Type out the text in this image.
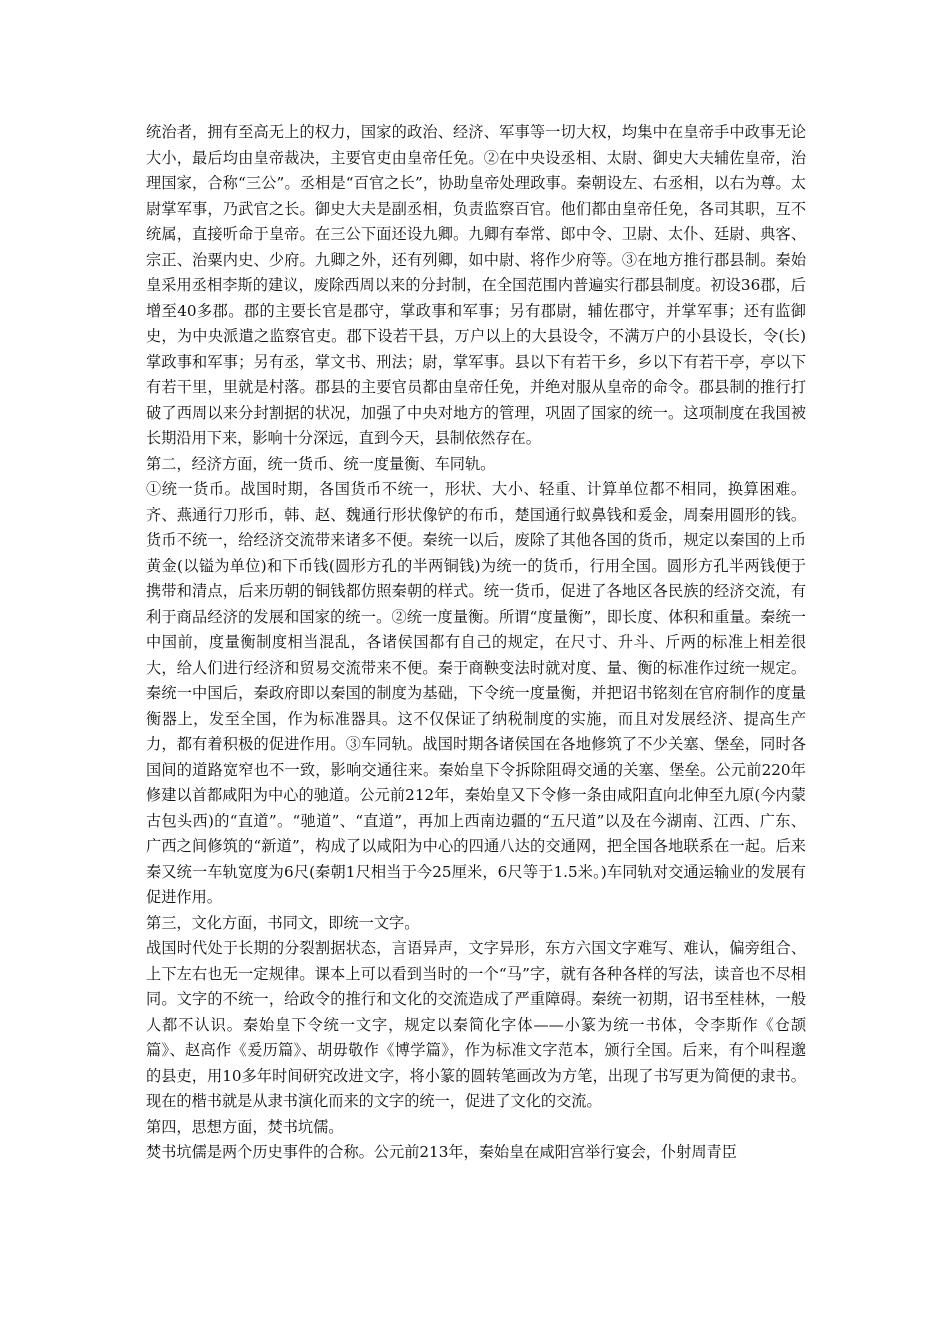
统治者，拥有至高无上的权力，国家的政治、经济、军事等一切大权，均集中在皇帝手中政事无论大小，最后均由皇帝裁决，主要官吏由皇帝任免。②在中央设丞相、太尉、御史大夫辅佐皇帝，治理国家，合称“三公”。丞相是“百官之长”，协助皇帝处理政事。秦朝设左、右丞相，以右为尊。太尉掌军事，乃武官之长。御史大夫是副丞相，负责监察百官。他们都由皇帝任免，各司其职，互不统属，直接听命于皇帝。在三公下面还设九卿。九卿有奉常、郎中令、卫尉、太仆、廷尉、典客、宗正、治粟内史、少府。九卿之外，还有列卿，如中尉、将作少府等。③在地方推行郡县制。秦始皇采用丞相李斯的建议，废除西周以来的分封制，在全国范围内普遍实行郡县制度。初设36郡，后增至40多郡。郡的主要长官是郡守，掌政事和军事；另有郡尉，辅佐郡守，并掌军事；还有监御史，为中央派遣之监察官吏。郡下设若干县，万户以上的大县设令，不满万户的小县设长，令(长)掌政事和军事；另有丞，掌文书、刑法；尉，掌军事。县以下有若干乡，乡以下有若干亭，亭以下有若干里，里就是村落。郡县的主要官员都由皇帝任免，并绝对服从皇帝的命令。郡县制的推行打破了西周以来分封割据的状况，加强了中央对地方的管理，巩固了国家的统一。这项制度在我国被长期沿用下来，影响十分深远，直到今天，县制依然存在。

第二，经济方面，统一货币、统一度量衡、车同轨。

①统一货币。战国时期，各国货币不统一，形状、大小、轻重、计算单位都不相同，换算困难。齐、燕通行刀形币，韩、赵、魏通行形状像铲的布币，楚国通行蚁鼻钱和爰金，周秦用圆形的钱。货币不统一，给经济交流带来诸多不便。秦统一以后，废除了其他各国的货币，规定以秦国的上币黄金(以镒为单位)和下币钱(圆形方孔的半两铜钱)为统一的货币，行用全国。圆形方孔半两钱便于携带和清点，后来历朝的铜钱都仿照秦朝的样式。统一货币，促进了各地区各民族的经济交流，有利于商品经济的发展和国家的统一。②统一度量衡。所谓“度量衡”，即长度、体积和重量。秦统一中国前，度量衡制度相当混乱，各诸侯国都有自己的规定，在尺寸、升斗、斤两的标准上相差很大，给人们进行经济和贸易交流带来不便。秦于商鞅变法时就对度、量、衡的标准作过统一规定。秦统一中国后，秦政府即以秦国的制度为基础，下令统一度量衡，并把诏书铭刻在官府制作的度量衡器上，发至全国，作为标准器具。这不仅保证了纳税制度的实施，而且对发展经济、提高生产力，都有着积极的促进作用。③车同轨。战国时期各诸侯国在各地修筑了不少关塞、堡垒，同时各国间的道路宽窄也不一致，影响交通往来。秦始皇下令拆除阻碍交通的关塞、堡垒。公元前220年修建以首都咸阳为中心的驰道。公元前212年，秦始皇又下令修一条由咸阳直向北伸至九原(今内蒙古包头西)的“直道”。“驰道”、“直道”，再加上西南边疆的“五尺道”以及在今湖南、江西、广东、广西之间修筑的“新道”，构成了以咸阳为中心的四通八达的交通网，把全国各地联系在一起。后来秦又统一车轨宽度为6尺(秦朝1尺相当于今25厘米，6尺等于1.5米。)车同轨对交通运输业的发展有促进作用。

第三，文化方面，书同文，即统一文字。

战国时代处于长期的分裂割据状态，言语异声，文字异形，东方六国文字难写、难认，偏旁组合、上下左右也无一定规律。课本上可以看到当时的一个“马”字，就有各种各样的写法，读音也不尽相同。文字的不统一，给政令的推行和文化的交流造成了严重障碍。秦统一初期，诏书至桂林，一般人都不认识。秦始皇下令统一文字，规定以秦简化字体——小篆为统一书体，令李斯作《仓颉篇》、赵高作《爰历篇》、胡毋敬作《博学篇》，作为标准文字范本，颁行全国。后来，有个叫程邈的县吏，用10多年时间研究改进文字，将小篆的圆转笔画改为方笔，出现了书写更为简便的隶书。现在的楷书就是从隶书演化而来的文字的统一，促进了文化的交流。

第四，思想方面，焚书坑儒。

焚书坑儒是两个历史事件的合称。公元前213年，秦始皇在咸阳宫举行宴会，仆射周青臣
